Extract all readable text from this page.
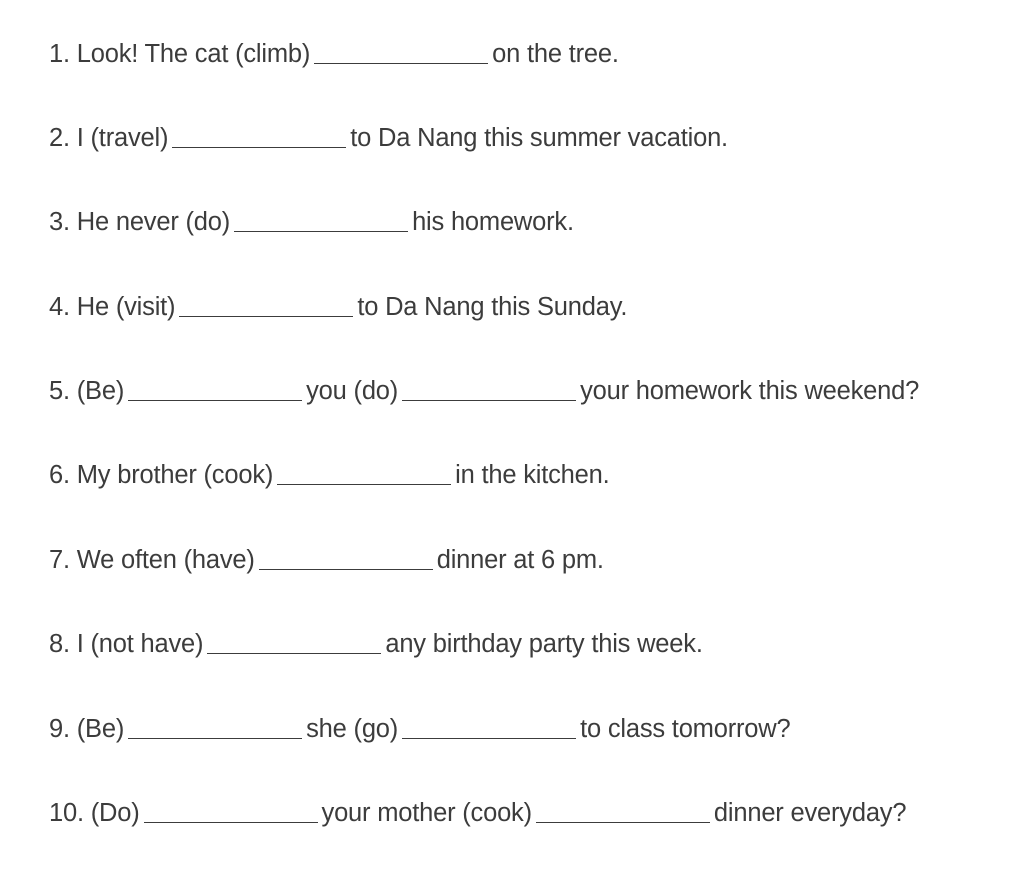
1. Look! The cat (climb)	on the tree.
2. I (travel)	to Da Nang this summer vacation.
3. He never (do)	his homework.
4. He (visit)	to Da Nang this Sunday.
5. (Be)	you (do)	your homework this weekend?
6. My brother (cook)	in the kitchen.
7. We often (have)	dinner at 6 pm.
8. I (not have)	any birthday party this week.
9. (Be)	she (go)	to class tomorrow?
10. (Do)	your mother (cook)	dinner everyday?
